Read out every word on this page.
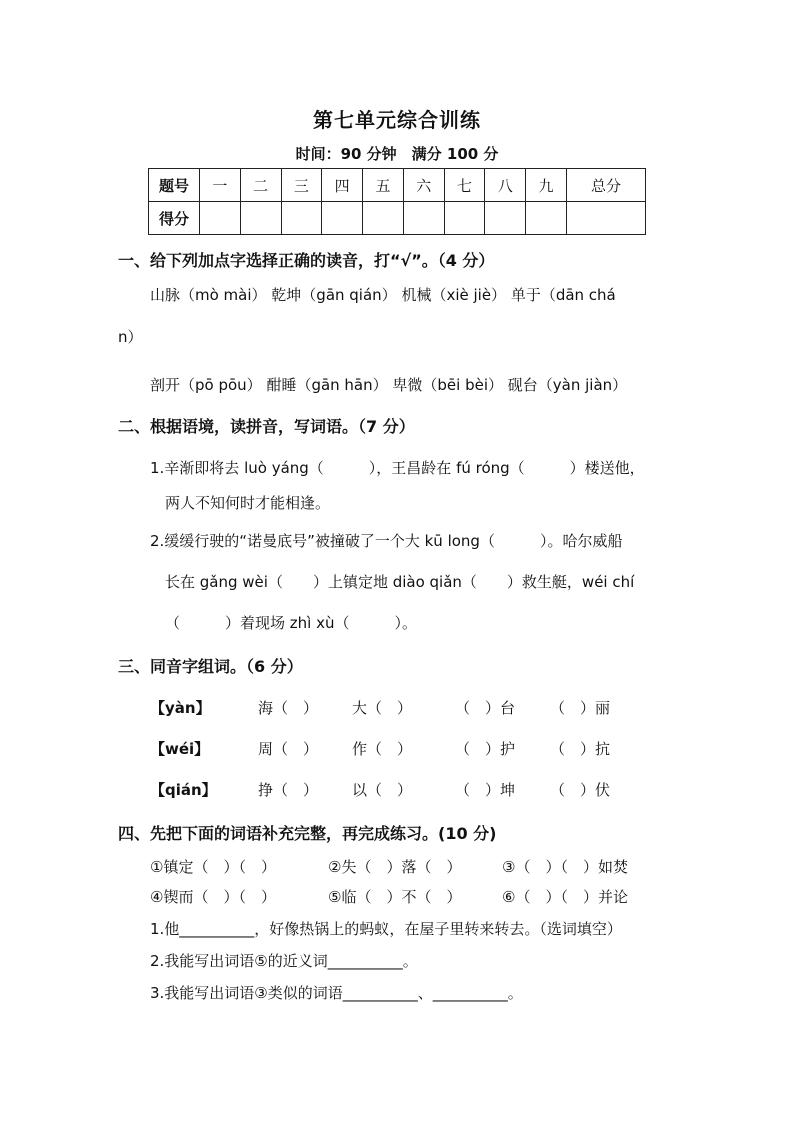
第七单元综合训练
时间：90 分钟　满分 100 分
题号	一	二	三	四	五	六	七	八	九	总分
得分										
一、给下列加点字选择正确的读音，打“√”。（4 分）
山脉（mò mài） 乾坤（gān qián） 机械（xiè jiè） 单于（dān chá
n）
剖开（pō pōu） 酣睡（gān hān） 卑微（bēi bèi） 砚台（yàn jiàn）
二、根据语境，读拼音，写词语。（7 分）
1.辛渐即将去 luò yáng（　　　），王昌龄在 fú róng（　　　）楼送他，
两人不知何时才能相逢。
2.缓缓行驶的“诺曼底号”被撞破了一个大 kū long（　　　）。哈尔威船
长在 gǎng wèi（　　）上镇定地 diào qiǎn（　　）救生艇，wéi chí
（　　　）着现场 zhì xù（　　　）。
三、同音字组词。（6 分）
【yàn】	海（　） 大（　）	（　）台 （　）丽
【wéi】	周（　） 作（　）	（　）护 （　）抗
【qián】	挣（　） 以（　）	（　）坤 （　）伏
四、先把下面的词语补充完整，再完成练习。(10 分)
①镇定（　）（　）	②失（　）落（　）	③（　）（　）如焚
④锲而（　）（　）	⑤临（　）不（　）	⑥（　）（　）并论
1.他__________，好像热锅上的蚂蚁，在屋子里转来转去。（选词填空）
2.我能写出词语⑤的近义词__________。
3.我能写出词语③类似的词语__________、__________。
